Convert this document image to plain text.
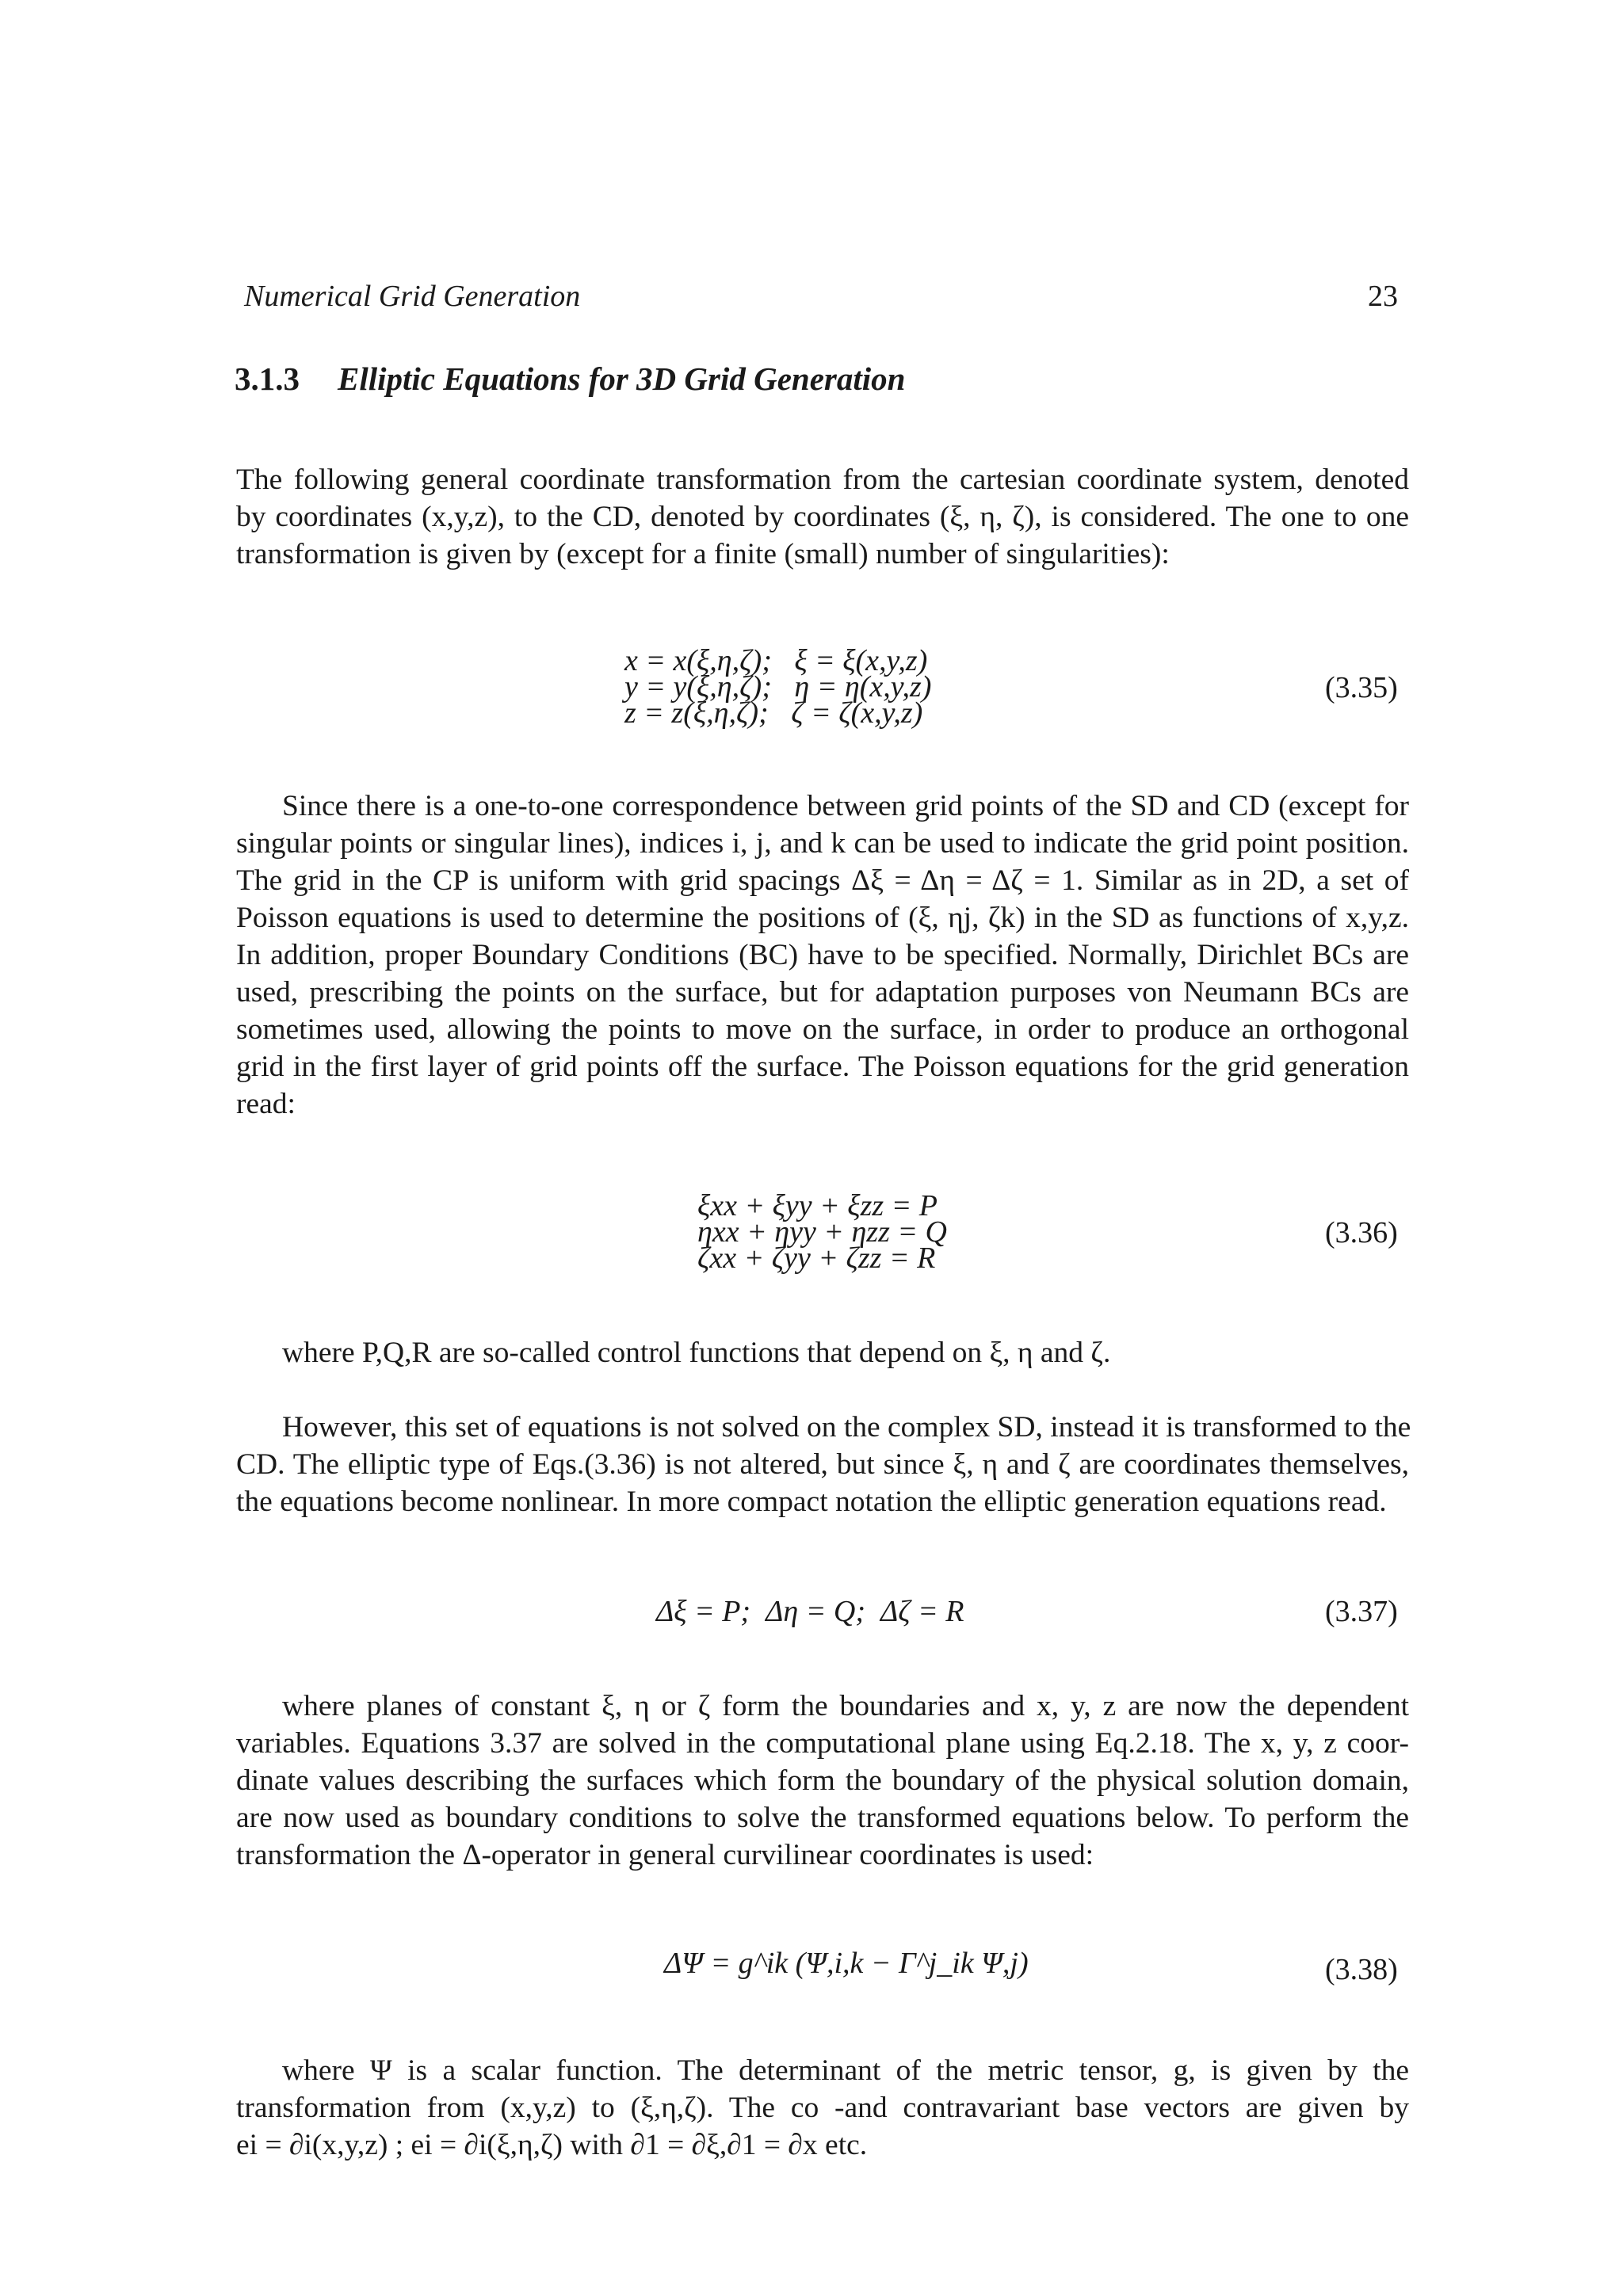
Numerical Grid Generation	23
3.1.3 Elliptic Equations for 3D Grid Generation
The following general coordinate transformation from the cartesian coordinate system, denoted
by coordinates (x,y,z), to the CD, denoted by coordinates (ξ, η, ζ), is considered. The one to one
transformation is given by (except for a finite (small) number of singularities):
x = x(ξ,η,ζ);   ξ = ξ(x,y,z)
y = y(ξ,η,ζ);   η = η(x,y,z)
z = z(ξ,η,ζ);   ζ = ζ(x,y,z)
(3.35)
Since there is a one-to-one correspondence between grid points of the SD and CD (except for
singular points or singular lines), indices i, j, and k can be used to indicate the grid point position.
The grid in the CP is uniform with grid spacings Δξ = Δη = Δζ = 1. Similar as in 2D, a set of
Poisson equations is used to determine the positions of (ξ, ηj, ζk) in the SD as functions of x,y,z.
In addition, proper Boundary Conditions (BC) have to be specified. Normally, Dirichlet BCs are
used, prescribing the points on the surface, but for adaptation purposes von Neumann BCs are
sometimes used, allowing the points to move on the surface, in order to produce an orthogonal
grid in the first layer of grid points off the surface. The Poisson equations for the grid generation
read:
ξxx + ξyy + ξzz = P
ηxx + ηyy + ηzz = Q
ζxx + ζyy + ζzz = R
(3.36)
where P,Q,R are so-called control functions that depend on ξ, η and ζ.
However, this set of equations is not solved on the complex SD, instead it is transformed to the
CD. The elliptic type of Eqs.(3.36) is not altered, but since ξ, η and ζ are coordinates themselves,
the equations become nonlinear. In more compact notation the elliptic generation equations read.
Δξ = P;  Δη = Q;  Δζ = R	(3.37)
where planes of constant ξ, η or ζ form the boundaries and x, y, z are now the dependent
variables. Equations 3.37 are solved in the computational plane using Eq.2.18. The x, y, z coor-
dinate values describing the surfaces which form the boundary of the physical solution domain,
are now used as boundary conditions to solve the transformed equations below. To perform the
transformation the Δ-operator in general curvilinear coordinates is used:
ΔΨ = g^ik (Ψ,i,k − Γ^j_ik Ψ,j)	(3.38)
where Ψ is a scalar function. The determinant of the metric tensor, g, is given by the
transformation from (x,y,z) to (ξ,η,ζ). The co -and contravariant base vectors are given by
ei = ∂i(x,y,z) ; ei = ∂i(ξ,η,ζ) with ∂1 = ∂ξ,∂1 = ∂x etc.
